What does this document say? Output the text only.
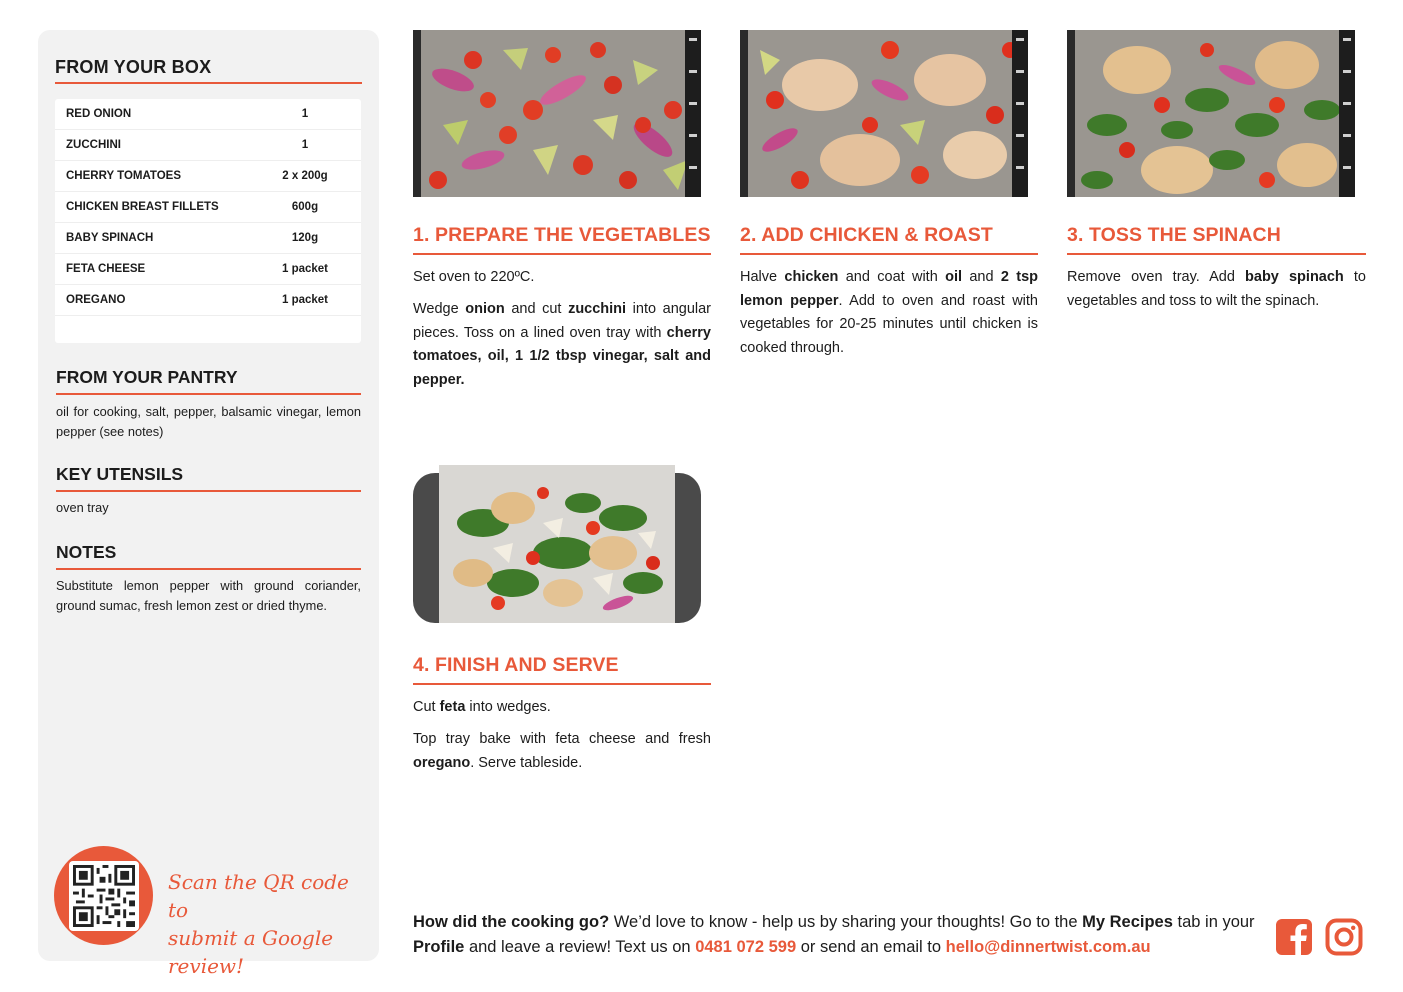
FROM YOUR BOX
RED ONION	1
ZUCCHINI	1
CHERRY TOMATOES	2 x 200g
CHICKEN BREAST FILLETS	600g
BABY SPINACH	120g
FETA CHEESE	1 packet
OREGANO	1 packet
FROM YOUR PANTRY
oil for cooking, salt, pepper, balsamic vinegar, lemon pepper (see notes)
KEY UTENSILS
oven tray
NOTES
Substitute lemon pepper with ground coriander, ground sumac, fresh lemon zest or dried thyme.
Scan the QR code to
submit a Google review!
1. PREPARE THE VEGETABLES

Set oven to 220ºC.

Wedge onion and cut zucchini into angular pieces. Toss on a lined oven tray with cherry tomatoes, oil, 1 1/2 tbsp vinegar, salt and pepper.

2. ADD CHICKEN & ROAST

Halve chicken and coat with oil and 2 tsp lemon pepper. Add to oven and roast with vegetables for 20-25 minutes until chicken is cooked through.

3. TOSS THE SPINACH

Remove oven tray. Add baby spinach to vegetables and toss to wilt the spinach.

4. FINISH AND SERVE

Cut feta into wedges.

Top tray bake with feta cheese and fresh oregano. Serve tableside.

How did the cooking go? We’d love to know - help us by sharing your thoughts! Go to the My Recipes tab in your Profile and leave a review! Text us on 0481 072 599 or send an email to hello@dinnertwist.com.au
